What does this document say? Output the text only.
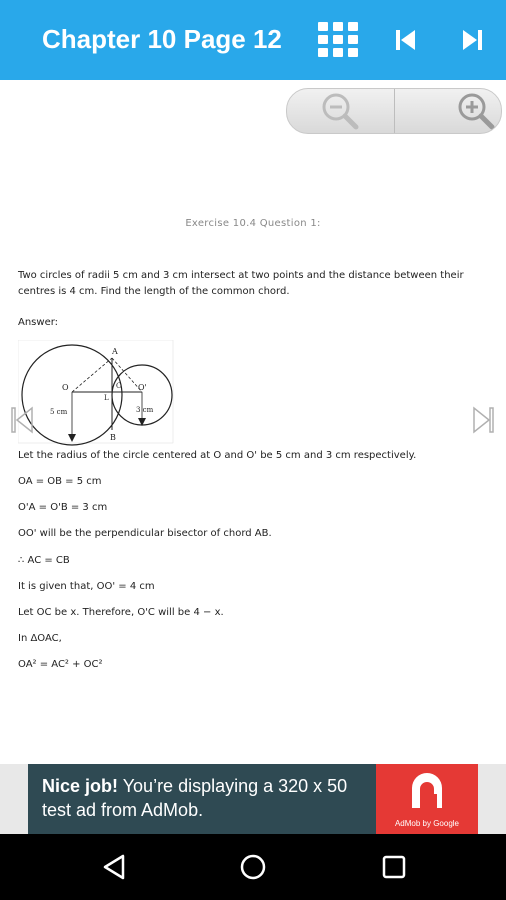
Chapter 10 Page 12
Exercise 10.4 Question 1:
Two circles of radii 5 cm and 3 cm intersect at two points and the distance between their centres is 4 cm. Find the length of the common chord.
Answer:
Let the radius of the circle centered at O and O' be 5 cm and 3 cm respectively.
OA = OB = 5 cm
O'A = O'B = 3 cm
OO' will be the perpendicular bisector of chord AB.
∴ AC = CB
It is given that, OO' = 4 cm
Let OC be x. Therefore, O'C will be 4 − x.
In ΔOAC,
OA² = AC² + OC²
A
B
O	O'
C
L
5 cm	3 cm
Nice job! You’re displaying a 320 x 50 test ad from AdMob.
AdMob by Google
